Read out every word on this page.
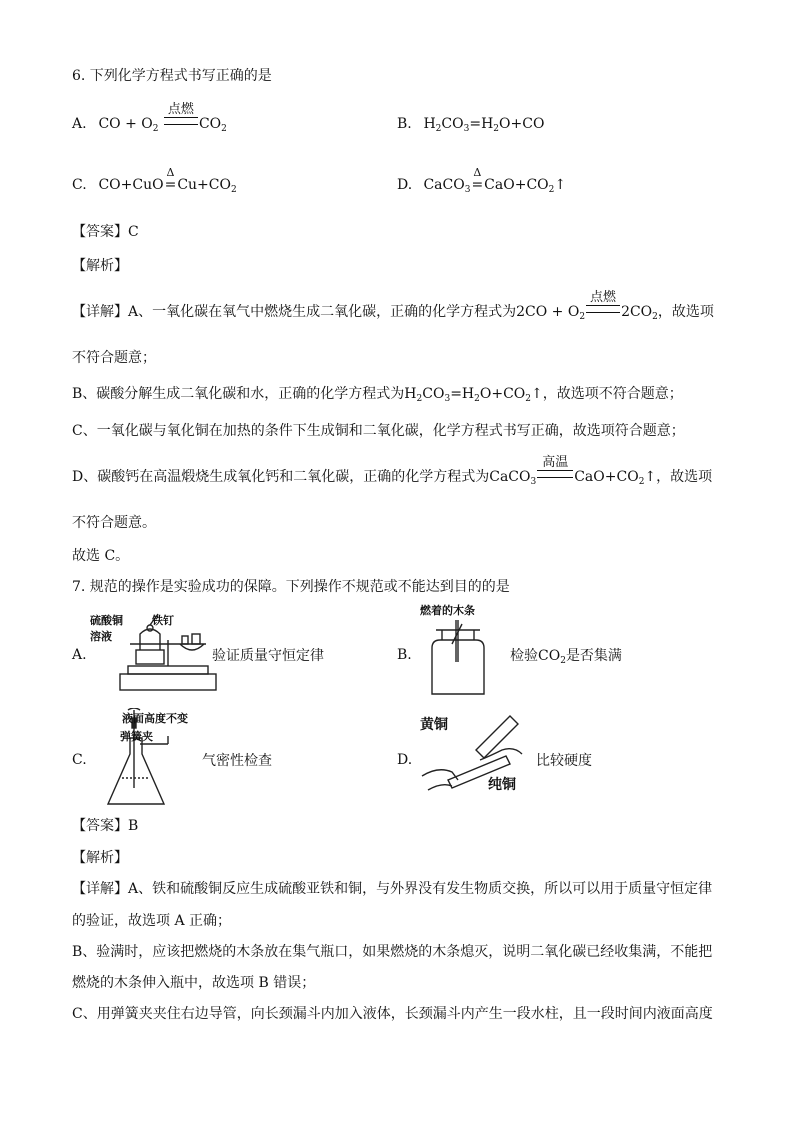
6. 下列化学方程式书写正确的是
A. CO + $O_2$
点燃
$CO_2$	B. $H_2CO_3=H_2O+CO$
C. CO+CuO
Δ
$=Cu+CO_2$	D. CaCO$_3$
Δ
$=CaO+CO_2↑$
【答案】C
【解析】
【详解】A、一氧化碳在氧气中燃烧生成二氧化碳，正确的化学方程式为$2CO + O_2$
点燃
$2CO_2$，故选项
不符合题意；
B、碳酸分解生成二氧化碳和水，正确的化学方程式为$H_2CO_3=H_2O+CO_2↑$，故选项不符合题意；
C、一氧化碳与氧化铜在加热的条件下生成铜和二氧化碳，化学方程式书写正确，故选项符合题意；
D、碳酸钙在高温煅烧生成氧化钙和二氧化碳，正确的化学方程式为CaCO$_3$
高温
$CaO+CO_2↑$，故选项
不符合题意。
故选 C。
7. 规范的操作是实验成功的保障。下列操作不规范或不能达到目的的是
A.
硫酸铜
溶液
铁钉
验证质量守恒定律	B.
燃着的木条
检验$CO_2$是否集满
C.
液面高度不变
弹簧夹
气密性检查	D.
黄铜
纯铜
比较硬度
【答案】B
【解析】
【详解】A、铁和硫酸铜反应生成硫酸亚铁和铜，与外界没有发生物质交换，所以可以用于质量守恒定律
的验证，故选项 A 正确；
B、验满时，应该把燃烧的木条放在集气瓶口，如果燃烧的木条熄灭，说明二氧化碳已经收集满，不能把
燃烧的木条伸入瓶中，故选项 B 错误；
C、用弹簧夹夹住右边导管，向长颈漏斗内加入液体，长颈漏斗内产生一段水柱，且一段时间内液面高度
